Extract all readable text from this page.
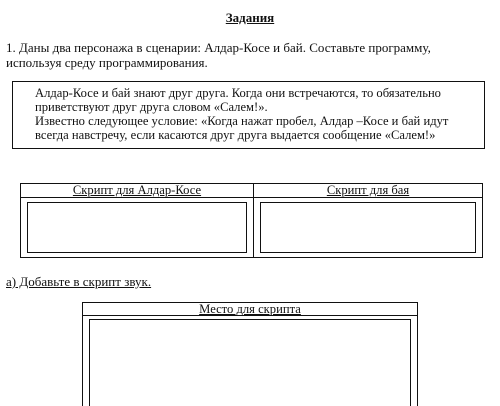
Задания
1. Даны два персонажа в сценарии: Алдар-Косе и бай. Составьте программу, используя среду программирования.

Алдар-Косе и бай знают друг друга. Когда они встречаются, то обязательно приветствуют друг друга словом «Салем!».

Известно следующее условие: «Когда нажат пробел, Алдар –Косе и бай идут всегда навстречу, если касаются друг друга выдается сообщение «Салем!»

Скрипт для Алдар-Косе	Скрипт для бая
а) Добавьте в скрипт звук.
Место для скрипта
